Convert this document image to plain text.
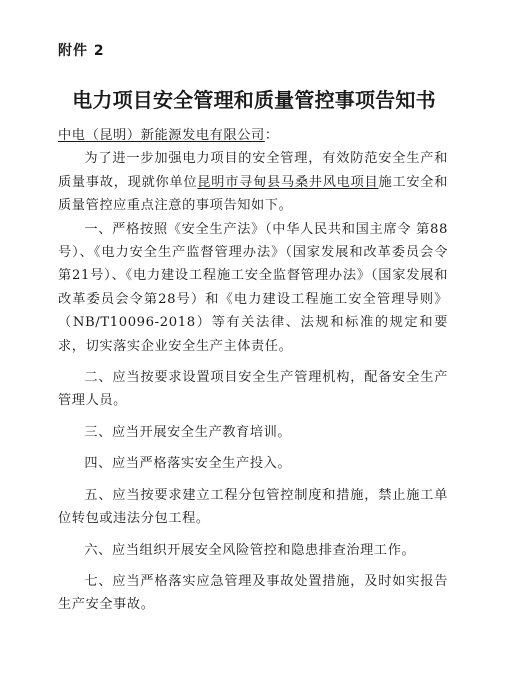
附件 2
电力项目安全管理和质量管控事项告知书

中电（昆明）新能源发电有限公司：

为了进一步加强电力项目的安全管理，有效防范安全生产和质量事故，现就你单位昆明市寻甸县马桑井风电项目施工安全和质量管控应重点注意的事项告知如下。

一、严格按照《安全生产法》（中华人民共和国主席令 第88号）、《电力安全生产监督管理办法》（国家发展和改革委员会令第21号）、《电力建设工程施工安全监督管理办法》（国家发展和改革委员会令第28号）和《电力建设工程施工安全管理导则》（NB/T10096-2018）等有关法律、法规和标准的规定和要求，切实落实企业安全生产主体责任。

二、应当按要求设置项目安全生产管理机构，配备安全生产管理人员。

三、应当开展安全生产教育培训。

四、应当严格落实安全生产投入。

五、应当按要求建立工程分包管控制度和措施，禁止施工单位转包或违法分包工程。

六、应当组织开展安全风险管控和隐患排查治理工作。

七、应当严格落实应急管理及事故处置措施，及时如实报告生产安全事故。
